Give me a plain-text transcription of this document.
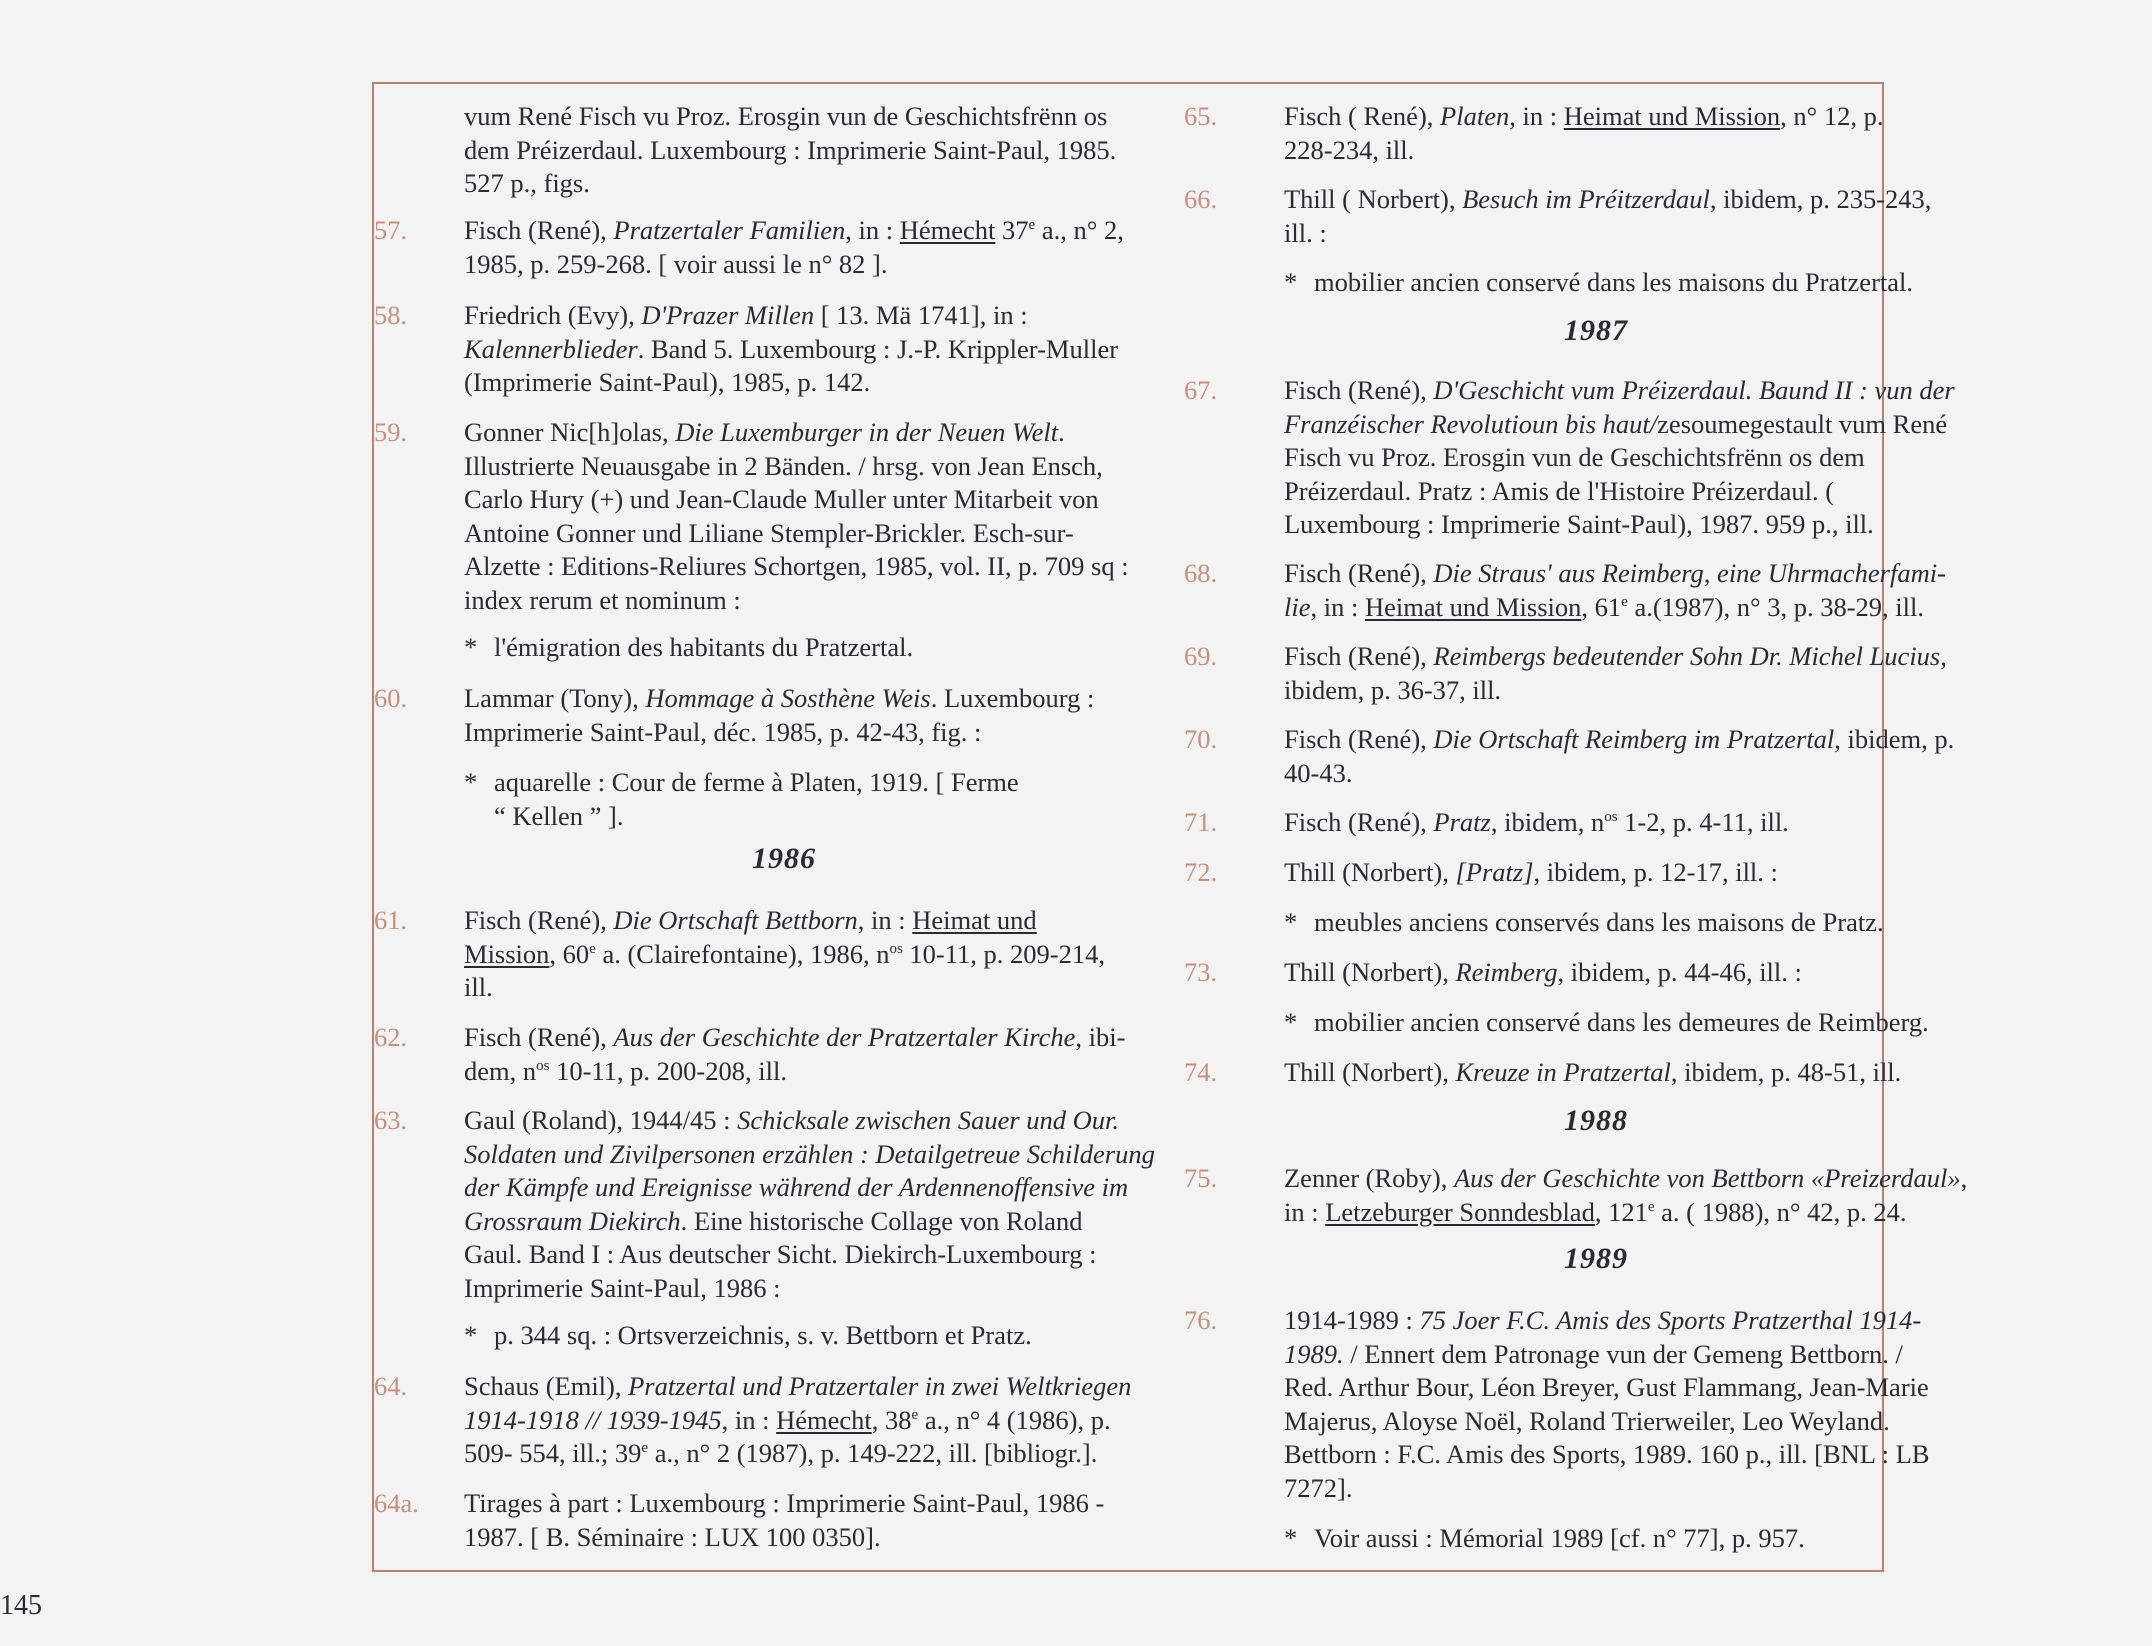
vum René Fisch vu Proz. Erosgin vun de Geschichtsfrënn os
dem Préizerdaul. Luxembourg : Imprimerie Saint-Paul, 1985.
527 p., figs.
57. Fisch (René), Pratzertaler Familien, in : Hémecht 37e a., n° 2,
1985, p. 259-268. [ voir aussi le n° 82 ].
58. Friedrich (Evy), D'Prazer Millen [ 13. Mä 1741], in :
Kalennerblieder. Band 5. Luxembourg : J.-P. Krippler-Muller
(Imprimerie Saint-Paul), 1985, p. 142.
59. Gonner Nic[h]olas, Die Luxemburger in der Neuen Welt.
Illustrierte Neuausgabe in 2 Bänden. / hrsg. von Jean Ensch,
Carlo Hury (+) und Jean-Claude Muller unter Mitarbeit von
Antoine Gonner und Liliane Stempler-Brickler. Esch-sur-
Alzette : Editions-Reliures Schortgen, 1985, vol. II, p. 709 sq :
index rerum et nominum :
* l'émigration des habitants du Pratzertal.
60. Lammar (Tony), Hommage à Sosthène Weis. Luxembourg :
Imprimerie Saint-Paul, déc. 1985, p. 42-43, fig. :
* aquarelle : Cour de ferme à Platen, 1919. [ Ferme
“ Kellen ” ].
1986
61. Fisch (René), Die Ortschaft Bettborn, in : Heimat und
Mission, 60e a. (Clairefontaine), 1986, $n^{os}$ 10-11, p. 209-214,
ill.
62. Fisch (René), Aus der Geschichte der Pratzertaler Kirche, ibi-
dem, $n^{os}$ 10-11, p. 200-208, ill.
63. Gaul (Roland), 1944/45 : Schicksale zwischen Sauer und Our.
Soldaten und Zivilpersonen erzählen : Detailgetreue Schilderung
der Kämpfe und Ereignisse während der Ardennenoffensive im
Grossraum Diekirch. Eine historische Collage von Roland
Gaul. Band I : Aus deutscher Sicht. Diekirch-Luxembourg :
Imprimerie Saint-Paul, 1986 :
* p. 344 sq. : Ortsverzeichnis, s. v. Bettborn et Pratz.
64. Schaus (Emil), Pratzertal und Pratzertaler in zwei Weltkriegen
1914-1918 // 1939-1945, in : Hémecht, 38e a., n° 4 (1986), p.
509- 554, ill.; 39e a., n° 2 (1987), p. 149-222, ill. [bibliogr.].
64a. Tirages à part : Luxembourg : Imprimerie Saint-Paul, 1986 -
1987. [ B. Séminaire : LUX 100 0350].
65.	Fisch ( René), Platen, in : Heimat und Mission, n° 12, p.
228-234, ill.
66.	Thill ( Norbert), Besuch im Préitzerdaul, ibidem, p. 235-243,
ill. :
* mobilier ancien conservé dans les maisons du Pratzertal.
1987
67.	Fisch (René), D'Geschicht vum Préizerdaul. Baund II : vun der
Franzéischer Revolutioun bis haut/zesoumegestault vum René
Fisch vu Proz. Erosgin vun de Geschichtsfrënn os dem
Préizerdaul. Pratz : Amis de l'Histoire Préizerdaul. (
Luxembourg : Imprimerie Saint-Paul), 1987. 959 p., ill.
68.	Fisch (René), Die Straus' aus Reimberg, eine Uhrmacherfami-
lie, in : Heimat und Mission, 61e a.(1987), n° 3, p. 38-29, ill.
69.	Fisch (René), Reimbergs bedeutender Sohn Dr. Michel Lucius,
ibidem, p. 36-37, ill.
70.	Fisch (René), Die Ortschaft Reimberg im Pratzertal, ibidem, p.
40-43.
71.	Fisch (René), Pratz, ibidem, $n^{os}$ 1-2, p. 4-11, ill.
72.	Thill (Norbert), [Pratz], ibidem, p. 12-17, ill. :
* meubles anciens conservés dans les maisons de Pratz.
73.	Thill (Norbert), Reimberg, ibidem, p. 44-46, ill. :
* mobilier ancien conservé dans les demeures de Reimberg.
74.	Thill (Norbert), Kreuze in Pratzertal, ibidem, p. 48-51, ill.
1988
75.	Zenner (Roby), Aus der Geschichte von Bettborn «Preizerdaul»,
in : Letzeburger Sonndesblad, 121e a. ( 1988), n° 42, p. 24.
1989
76.	1914-1989 : 75 Joer F.C. Amis des Sports Pratzerthal 1914-
1989. / Ennert dem Patronage vun der Gemeng Bettborn. /
Red. Arthur Bour, Léon Breyer, Gust Flammang, Jean-Marie
Majerus, Aloyse Noël, Roland Trierweiler, Leo Weyland.
Bettborn : F.C. Amis des Sports, 1989. 160 p., ill. [BNL : LB
7272].
* Voir aussi : Mémorial 1989 [cf. n° 77], p. 957.
145
